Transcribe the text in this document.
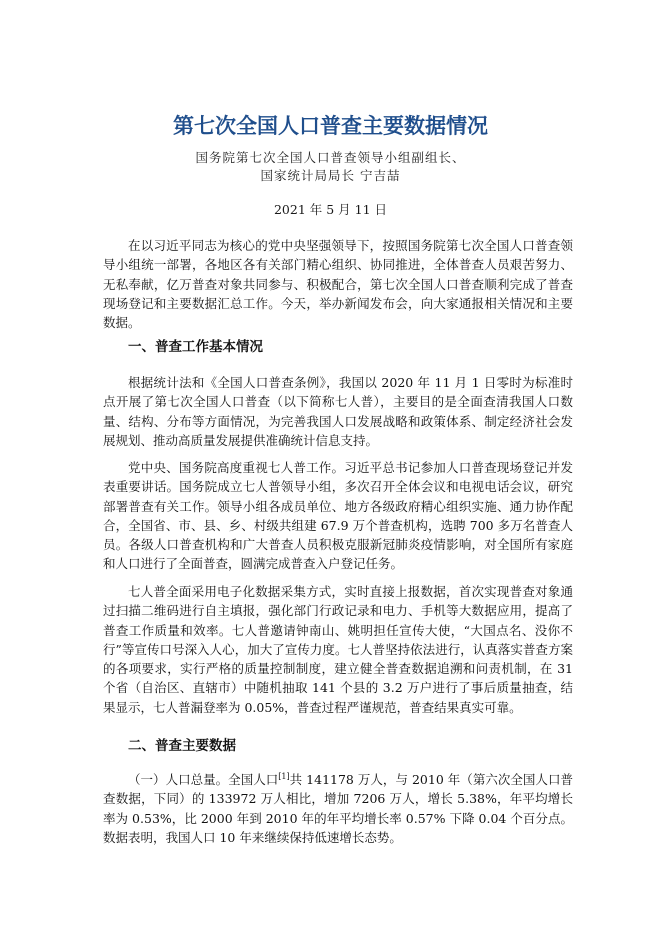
第七次全国人口普查主要数据情况
国务院第七次全国人口普查领导小组副组长、
国家统计局局长 宁吉喆
2021 年 5 月 11 日

在以习近平同志为核心的党中央坚强领导下，按照国务院第七次全国人口普查领导小组统一部署，各地区各有关部门精心组织、协同推进，全体普查人员艰苦努力、无私奉献，亿万普查对象共同参与、积极配合，第七次全国人口普查顺利完成了普查现场登记和主要数据汇总工作。今天，举办新闻发布会，向大家通报相关情况和主要数据。

一、普查工作基本情况

根据统计法和《全国人口普查条例》，我国以 2020 年 11 月 1 日零时为标准时点开展了第七次全国人口普查（以下简称七人普），主要目的是全面查清我国人口数量、结构、分布等方面情况，为完善我国人口发展战略和政策体系、制定经济社会发展规划、推动高质量发展提供准确统计信息支持。

党中央、国务院高度重视七人普工作。习近平总书记参加人口普查现场登记并发表重要讲话。国务院成立七人普领导小组，多次召开全体会议和电视电话会议，研究部署普查有关工作。领导小组各成员单位、地方各级政府精心组织实施、通力协作配合，全国省、市、县、乡、村级共组建 67.9 万个普查机构，选聘 700 多万名普查人员。各级人口普查机构和广大普查人员积极克服新冠肺炎疫情影响，对全国所有家庭和人口进行了全面普查，圆满完成普查入户登记任务。

七人普全面采用电子化数据采集方式，实时直接上报数据，首次实现普查对象通过扫描二维码进行自主填报，强化部门行政记录和电力、手机等大数据应用，提高了普查工作质量和效率。七人普邀请钟南山、姚明担任宣传大使，“大国点名、没你不行”等宣传口号深入人心，加大了宣传力度。七人普坚持依法进行，认真落实普查方案的各项要求，实行严格的质量控制制度，建立健全普查数据追溯和问责机制，在 31 个省（自治区、直辖市）中随机抽取 141 个县的 3.2 万户进行了事后质量抽查，结果显示，七人普漏登率为 0.05%，普查过程严谨规范，普查结果真实可靠。

二、普查主要数据

（一）人口总量。全国人口[1]共 141178 万人，与 2010 年（第六次全国人口普查数据，下同）的 133972 万人相比，增加 7206 万人，增长 5.38%，年平均增长率为 0.53%，比 2000 年到 2010 年的年平均增长率 0.57% 下降 0.04 个百分点。数据表明，我国人口 10 年来继续保持低速增长态势。
